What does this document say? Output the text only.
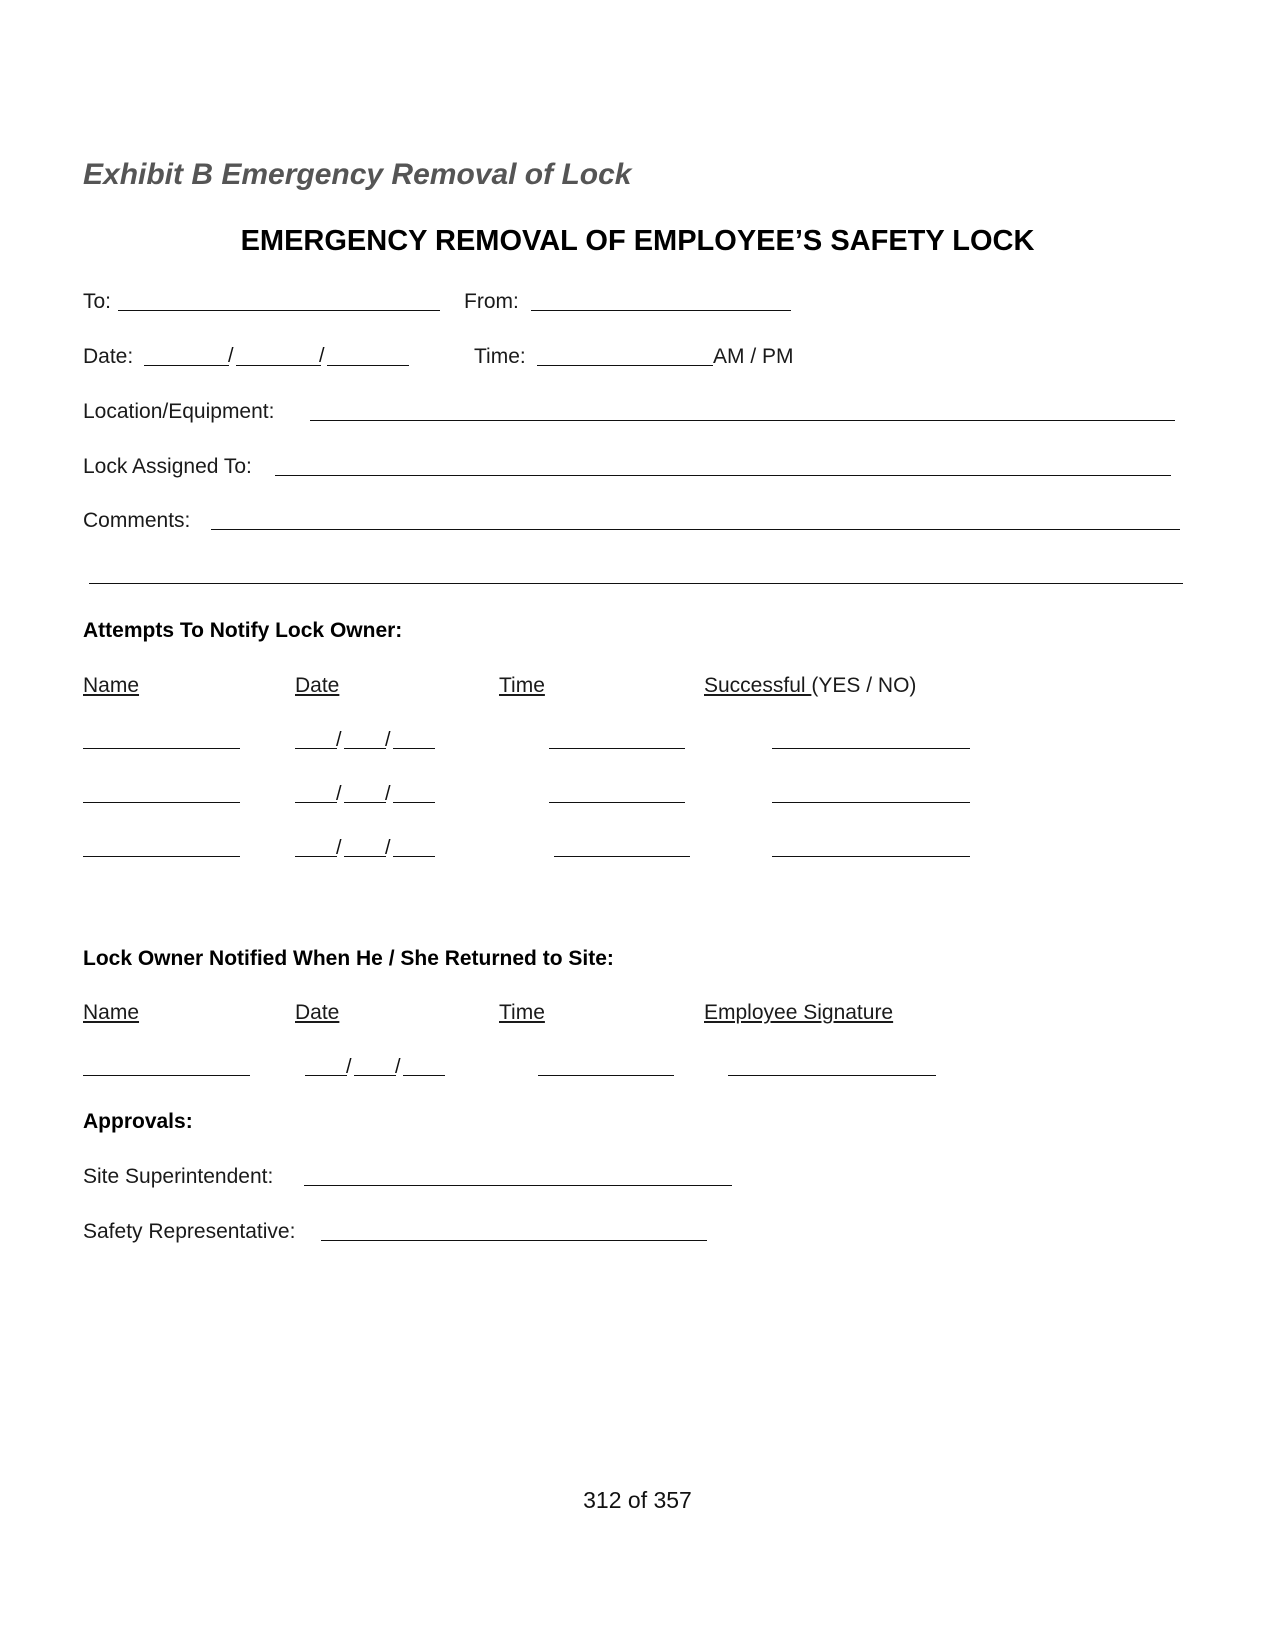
Exhibit B Emergency Removal of Lock
EMERGENCY REMOVAL OF EMPLOYEE’S SAFETY LOCK
To:	From:
Date:	/	/	Time:	AM / PM
Location/Equipment:
Lock Assigned To:
Comments:
Attempts To Notify Lock Owner:
Name	Date	Time	Successful (YES / NO)
/ /
/ /
/ /
Lock Owner Notified When He / She Returned to Site:
Name	Date	Time	Employee Signature
/ /
Approvals:
Site Superintendent:
Safety Representative:
312 of 357
